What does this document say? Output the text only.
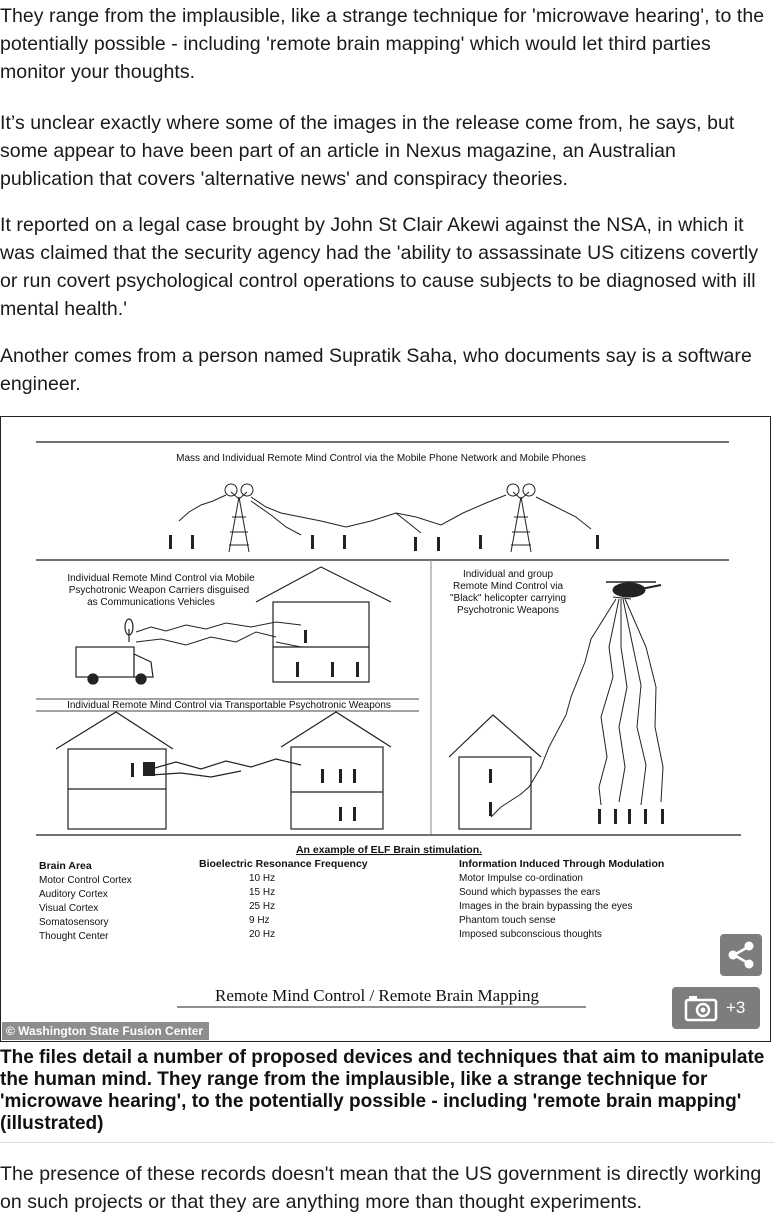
They range from the implausible, like a strange technique for 'microwave hearing', to the potentially possible - including 'remote brain mapping' which would let third parties monitor your thoughts.

It’s unclear exactly where some of the images in the release come from, he says, but some appear to have been part of an article in Nexus magazine, an Australian publication that covers 'alternative news' and conspiracy theories.

It reported on a legal case brought by John St Clair Akewi against the NSA, in which it was claimed that the security agency had the 'ability to assassinate US citizens covertly or run covert psychological control operations to cause subjects to be diagnosed with ill mental health.'

Another comes from a person named Supratik Saha, who documents say is a software engineer.

Mass and Individual Remote Mind Control via the Mobile Phone Network and Mobile Phones
Individual Remote Mind Control via Mobile
Psychotronic Weapon Carriers disguised
as Communications Vehicles
Individual and group
Remote Mind Control via
"Black" helicopter carrying
Psychotronic Weapons
Individual Remote Mind Control via Transportable Psychotronic Weapons
An example of ELF Brain stimulation.
Brain Area	Bioelectric Resonance Frequency	Information Induced Through Modulation
Motor Control Cortex	10 Hz	Motor Impulse co-ordination
Auditory Cortex	15 Hz	Sound which bypasses the ears
Visual Cortex	25 Hz	Images in the brain bypassing the eyes
Somatosensory	9 Hz	Phantom touch sense
Thought Center	20 Hz	Imposed subconscious thoughts
Remote Mind Control / Remote Brain Mapping
© Washington State Fusion Center
+3

The files detail a number of proposed devices and techniques that aim to manipulate the human mind. They range from the implausible, like a strange technique for 'microwave hearing', to the potentially possible - including 'remote brain mapping' (illustrated)

The presence of these records doesn't mean that the US government is directly working on such projects or that they are anything more than thought experiments.
